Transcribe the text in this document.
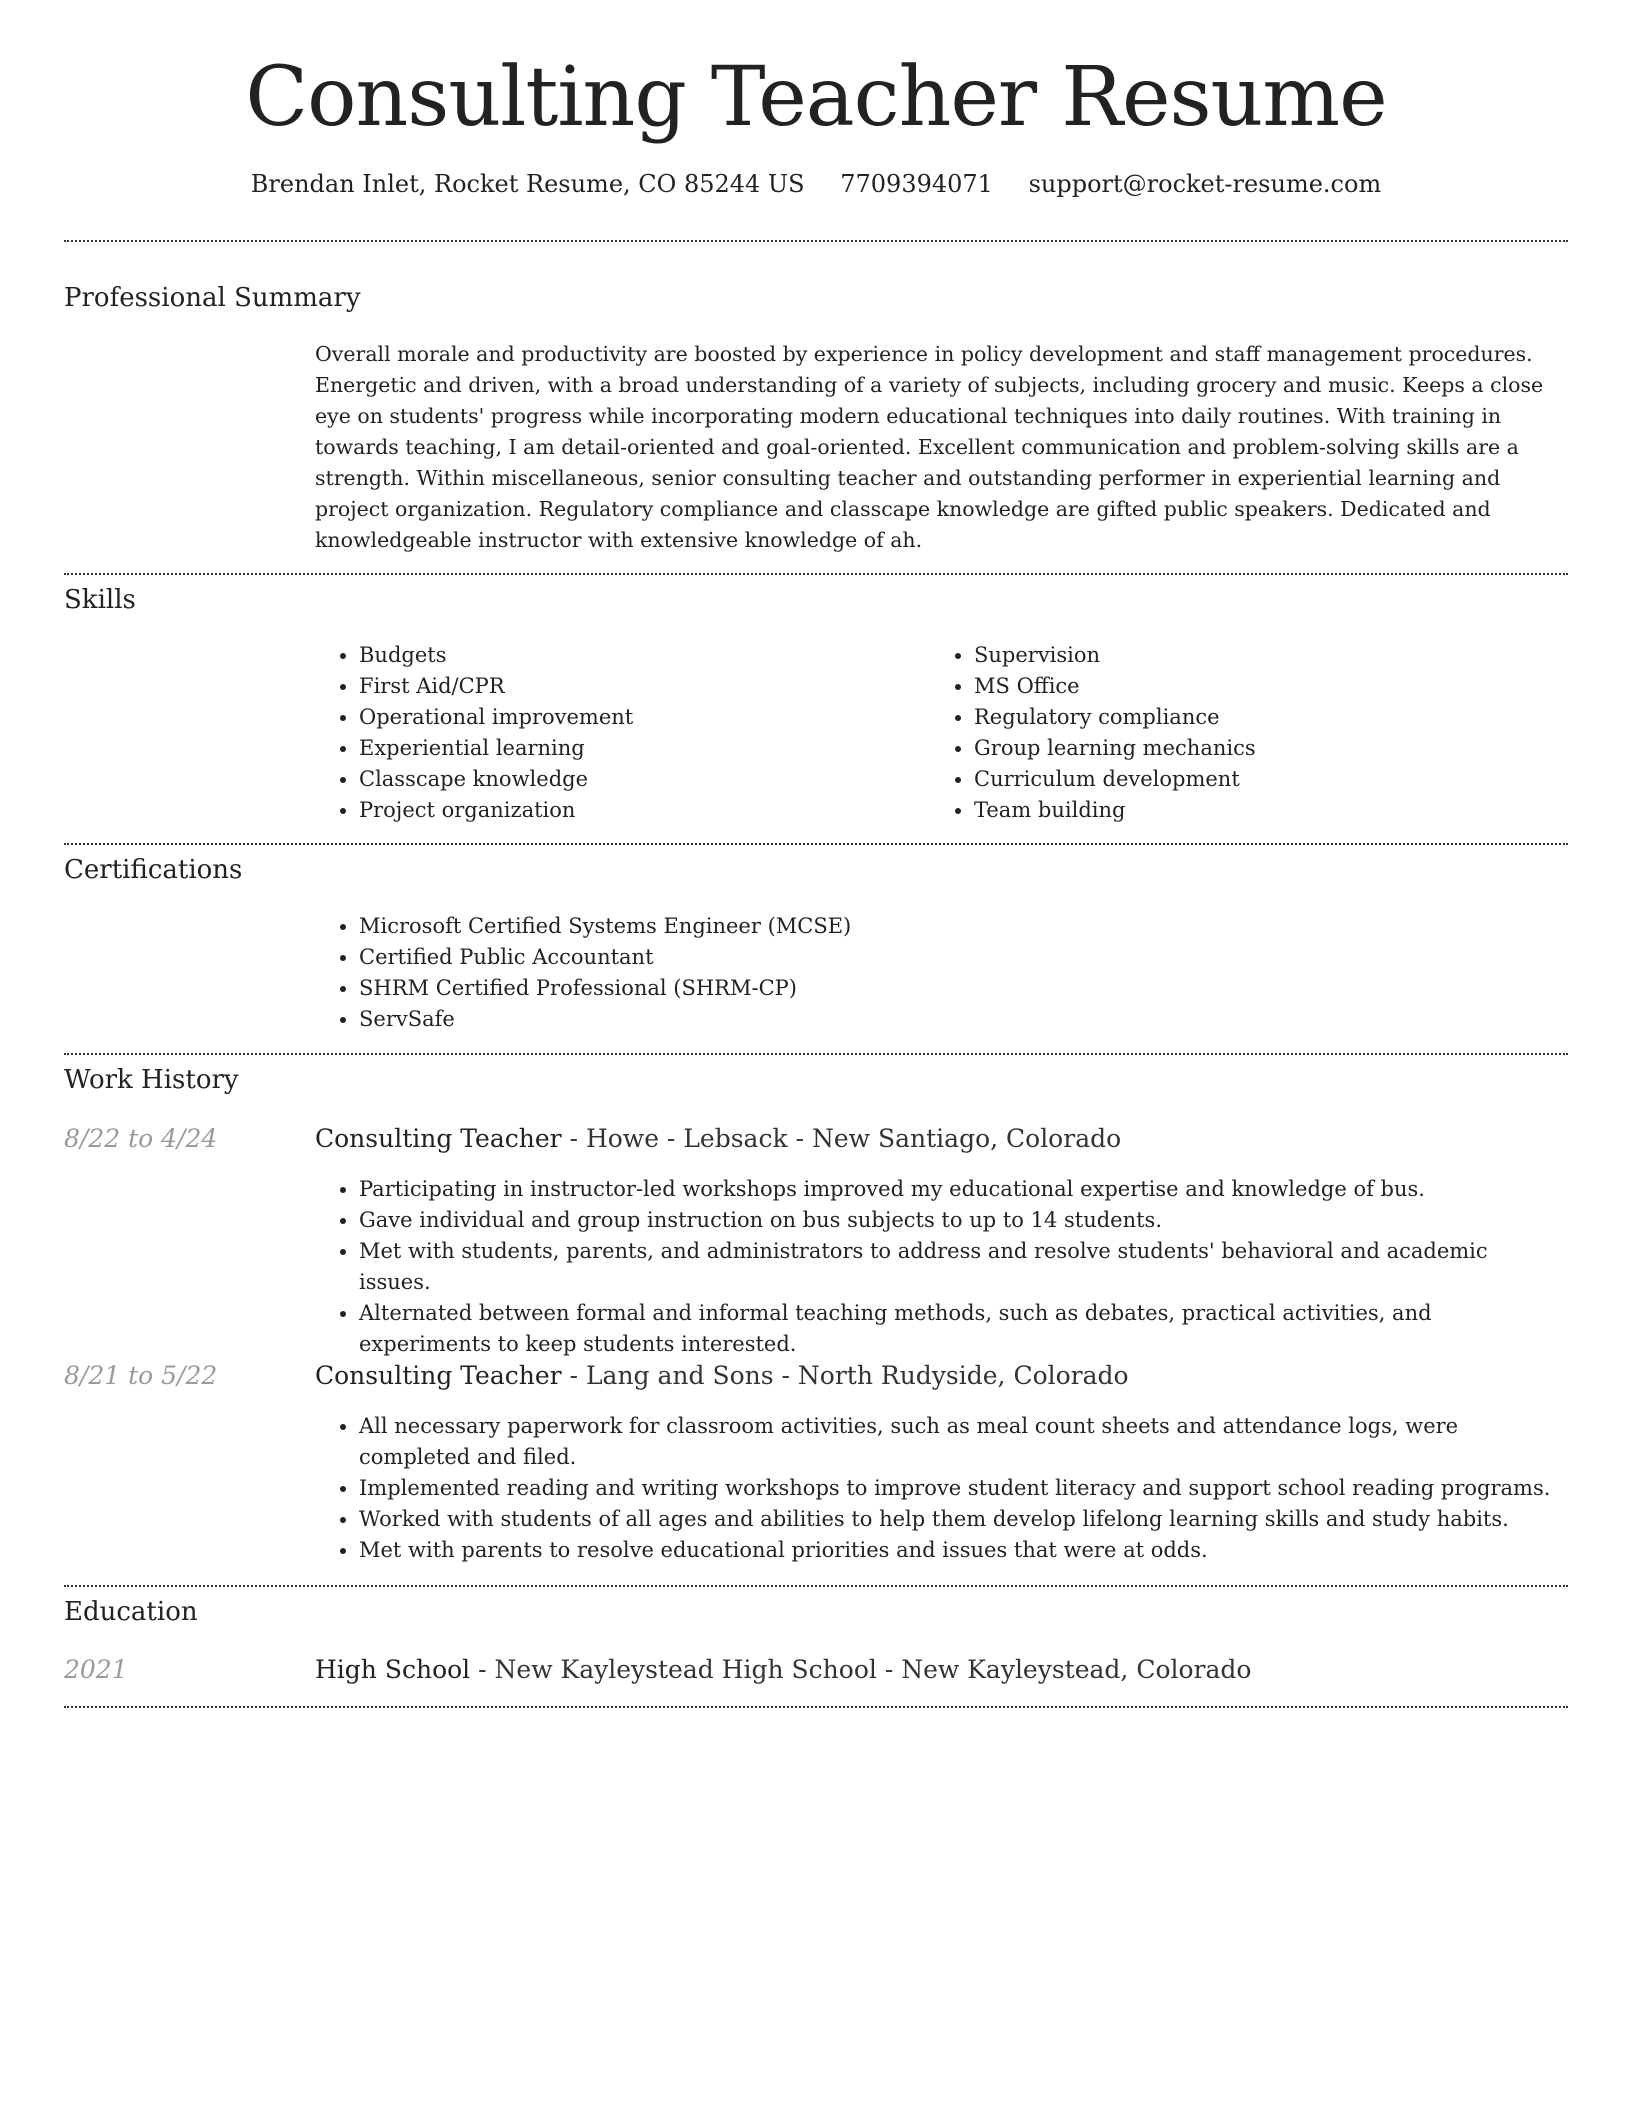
Consulting Teacher Resume
Brendan Inlet, Rocket Resume, CO 85244 US 7709394071 support@rocket-resume.com
Professional Summary

Overall morale and productivity are boosted by experience in policy development and staff management procedures. Energetic and driven, with a broad understanding of a variety of subjects, including grocery and music. Keeps a close eye on students' progress while incorporating modern educational techniques into daily routines. With training in towards teaching, I am detail-oriented and goal-oriented. Excellent communication and problem-solving skills are a strength. Within miscellaneous, senior consulting teacher and outstanding performer in experiential learning and project organization. Regulatory compliance and classcape knowledge are gifted public speakers. Dedicated and knowledgeable instructor with extensive knowledge of ah.

Skills
• Budgets
• First Aid/CPR
• Operational improvement
• Experiential learning
• Classcape knowledge
• Project organization
• Supervision
• MS Office
• Regulatory compliance
• Group learning mechanics
• Curriculum development
• Team building
Certifications
• Microsoft Certified Systems Engineer (MCSE)
• Certified Public Accountant
• SHRM Certified Professional (SHRM-CP)
• ServSafe
Work History
8/22 to 4/24	Consulting Teacher - Howe - Lebsack - New Santiago, Colorado
• Participating in instructor-led workshops improved my educational expertise and knowledge of bus.
• Gave individual and group instruction on bus subjects to up to 14 students.
• Met with students, parents, and administrators to address and resolve students' behavioral and academic issues.
• Alternated between formal and informal teaching methods, such as debates, practical activities, and experiments to keep students interested.
8/21 to 5/22	Consulting Teacher - Lang and Sons - North Rudyside, Colorado
• All necessary paperwork for classroom activities, such as meal count sheets and attendance logs, were completed and filed.
• Implemented reading and writing workshops to improve student literacy and support school reading programs.
• Worked with students of all ages and abilities to help them develop lifelong learning skills and study habits.
• Met with parents to resolve educational priorities and issues that were at odds.
Education
2021	High School - New Kayleystead High School - New Kayleystead, Colorado
